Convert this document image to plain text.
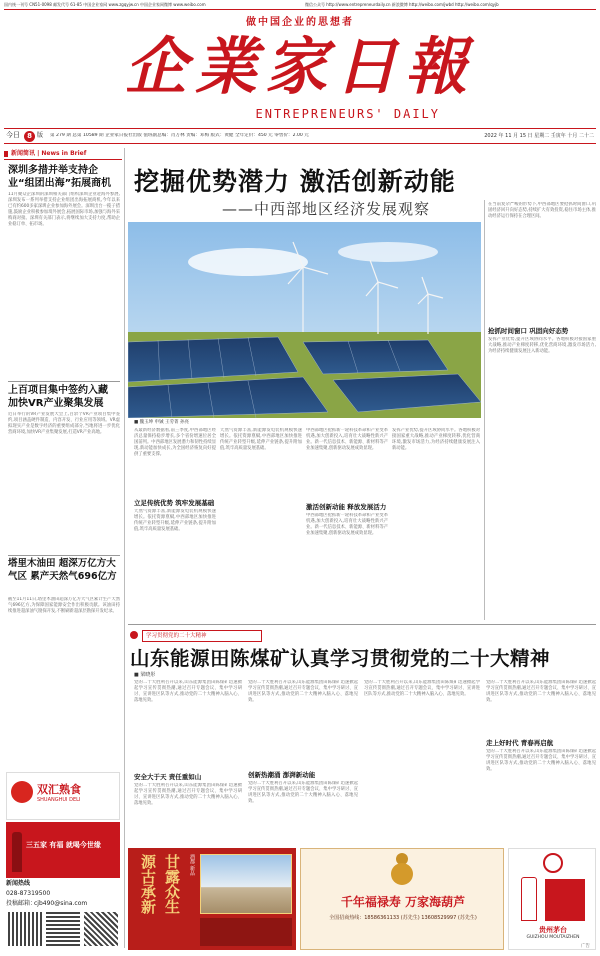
国内统一刊号 CN51-0098 邮发代号 61-85 中国企业家网 www.zgqyjw.cn 中国企业家网微博 www.weibo.com	微信公众号 http://www.entrepreneurdaily.cn 新浪微博 http://weibo.com/jwbd http://weibo.com/qyjb
做中国企业的思想者
企業家日報
ENTREPRENEURS' DAILY
今日	8 版 第 279 期 总第 10589 期 企业家日报社出版 值班副总编：肖万林 责编：邓梅 版式：黄健 全年定价：450 元 零售价：2.00 元	2022 年 11 月 15 日 星期二 壬寅年 十月 二十二
新闻简讯 | News in Brief
深圳多措并举支持企业“组团出海”拓展商机
11月聚众企深圳的深圳相关部门组织深圳企业赴海外参展,深圳发布一系列举措支持企业组团出海拓展商机,今年以来已有约600多家深圳企业参加海外展会。深圳出台一揽子措施,鼓励企业积极参加境外展会,拓展国际市场,加强与海外采购商对接。深圳有关部门表示,将继续加大支持力度,帮助企业稳订单、拓市场。
上百项目集中签约入藏 加快VR产业聚集发展
近日举行的VR产业发展大会上,百余个VR产业项目集中签约,项目涵盖硬件制造、内容开发、行业应用等领域。VR虚拟现实产业是数字经济的重要组成部分,当地将进一步优化营商环境,加快VR产业集聚发展,打造VR产业高地。
塔里木油田 超深万亿方大气区 累产天然气696亿方
截至11月11日,塔里木油田超深万亿方大气区累计生产天然气696亿方,为保障国家能源安全作出积极贡献。该油田持续推进超深油气勘探开发,不断刷新超深层勘探开发纪录。
双汇熟食
SHUANGHUI DELI
三五家 有福 就喝今世缘
新闻热线
028-87319500
投稿邮箱：
cjb490@sina.com
挖掘优势潜力 激活创新动能
——中西部地区经济发展观察
■ 魏玉坤 申铖 王劳菁 孙亮
从最新经济数据看,前三季度,中西部地区经济总量保持稳步增长,多个省份增速位居全国前列。中西部地区发展潜力和韧性持续显现,新动能加快成长,为全国经济恢复向好提供了重要支撑。
立足传统优势 筑牢发展基础
天然气资源丰富,新能源发电装机规模快速增长。依托资源禀赋,中西部地区加快推进传统产业转型升级,延伸产业链条,提升附加值,筑牢高质量发展基础。
天然气资源丰富,新能源发电装机规模快速增长。依托资源禀赋,中西部地区加快推进传统产业转型升级,延伸产业链条,提升附加值,筑牢高质量发展基础。
中西部地区抢抓新一轮科技革命和产业变革机遇,加大创新投入,培育壮大战略性新兴产业。新一代信息技术、新能源、新材料等产业加速集聚,创新驱动发展成效显现。
激活创新动能 释放发展活力
中西部地区抢抓新一轮科技革命和产业变革机遇,加大创新投入,培育壮大战略性新兴产业。新一代信息技术、新能源、新材料等产业加速集聚,创新驱动发展成效显现。
发挥产业优势,提升区域协同水平。各地积极对接国家重大战略,推动产业梯度转移,优化营商环境,激发市场活力,为经济持续健康发展注入新动能。
在当前复杂严峻的形势下,中西部地区要抢抓时间窗口,巩固经济回升向好态势,持续扩大有效投资,稳住市场主体,推动经济运行保持在合理区间。
抢抓时间窗口 巩固向好态势
发挥产业优势,提升区域协同水平。各地积极对接国家重大战略,推动产业梯度转移,优化营商环境,激发市场活力,为经济持续健康发展注入新动能。
学习贯彻党的二十大精神
山东能源田陈煤矿认真学习贯彻党的二十大精神
■ 梁晓彤
党的二十大胜利召开以来,山东能源集团田陈煤矿迅速掀起学习宣传贯彻热潮,通过召开专题会议、集中学习研讨、宣讲进区队等方式,推动党的二十大精神入脑入心、落地见效。
安全大于天 责任重如山
党的二十大胜利召开以来,山东能源集团田陈煤矿迅速掀起学习宣传贯彻热潮,通过召开专题会议、集中学习研讨、宣讲进区队等方式,推动党的二十大精神入脑入心、落地见效。
党的二十大胜利召开以来,山东能源集团田陈煤矿迅速掀起学习宣传贯彻热潮,通过召开专题会议、集中学习研讨、宣讲进区队等方式,推动党的二十大精神入脑入心、落地见效。
创新热潮涌 澎湃新动能
党的二十大胜利召开以来,山东能源集团田陈煤矿迅速掀起学习宣传贯彻热潮,通过召开专题会议、集中学习研讨、宣讲进区队等方式,推动党的二十大精神入脑入心、落地见效。
党的二十大胜利召开以来,山东能源集团田陈煤矿迅速掀起学习宣传贯彻热潮,通过召开专题会议、集中学习研讨、宣讲进区队等方式,推动党的二十大精神入脑入心、落地见效。
党的二十大胜利召开以来,山东能源集团田陈煤矿迅速掀起学习宣传贯彻热潮,通过召开专题会议、集中学习研讨、宣讲进区队等方式,推动党的二十大精神入脑入心、落地见效。
走上好时代 青春再启航
党的二十大胜利召开以来,山东能源集团田陈煤矿迅速掀起学习宣传贯彻热潮,通过召开专题会议、集中学习研讨、宣讲进区队等方式,推动党的二十大精神入脑入心、落地见效。
源古承新 甘露众生	酒都 新品
千年福禄寿 万家海葫芦
全国招商热线：18586361133 (苏先生) 13608529997 (苏先生)
贵州茅台
GUIZHOU MOUTAIZHEN
广告
